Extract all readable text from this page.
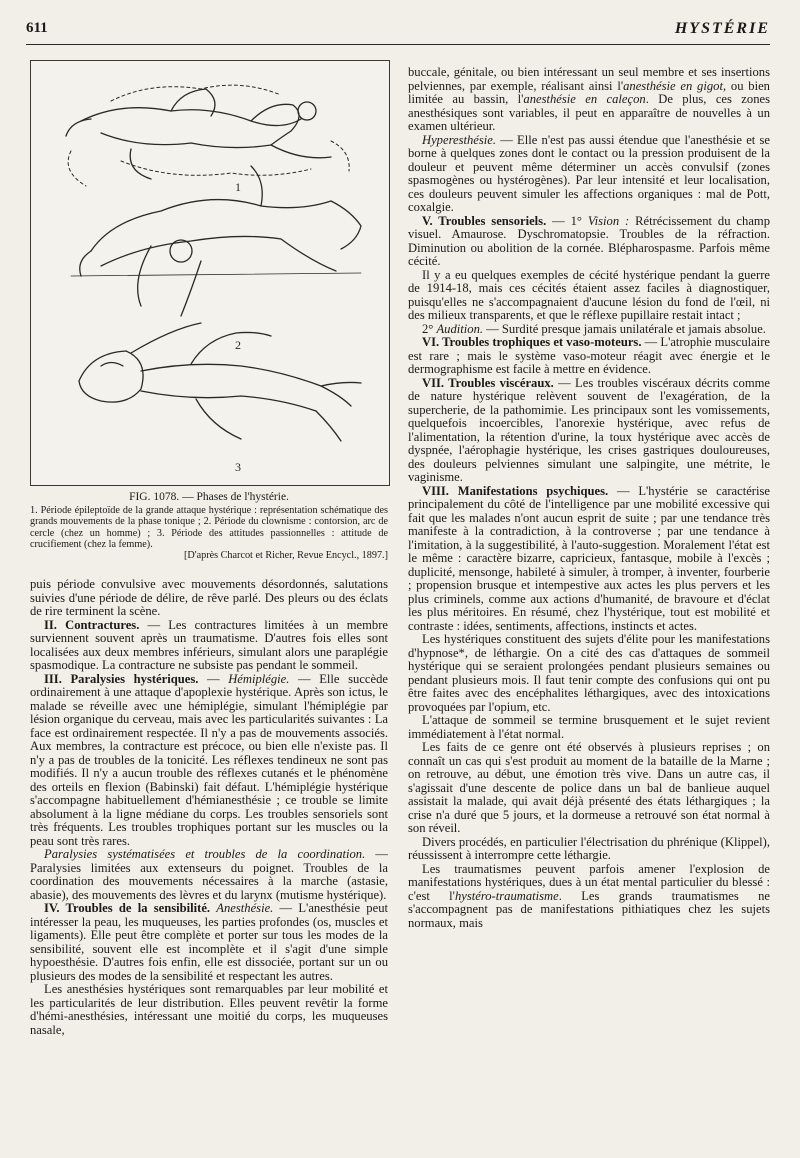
611	HYSTÉRIE
1
2
3
FIG. 1078. — Phases de l'hystérie.
1. Période épileptoïde de la grande attaque hystérique : représentation schématique des grands mouvements de la phase tonique ; 2. Période du clownisme : contorsion, arc de cercle (chez un homme) ; 3. Période des attitudes passionnelles : attitude de crucifiement (chez la femme).
[D'après Charcot et Richer, Revue Encycl., 1897.]

puis période convulsive avec mouvements désordonnés, salutations suivies d'une période de délire, de rêve parlé. Des pleurs ou des éclats de rire terminent la scène.

II. Contractures. — Les contractures limitées à un membre surviennent souvent après un traumatisme. D'autres fois elles sont localisées aux deux membres inférieurs, simulant alors une paraplégie spasmodique. La contracture ne subsiste pas pendant le sommeil.

III. Paralysies hystériques. — Hémiplégie. — Elle succède ordinairement à une attaque d'apoplexie hystérique. Après son ictus, le malade se réveille avec une hémiplégie, simulant l'hémiplégie par lésion organique du cerveau, mais avec les particularités suivantes : La face est ordinairement respectée. Il n'y a pas de mouvements associés. Aux membres, la contracture est précoce, ou bien elle n'existe pas. Il n'y a pas de troubles de la tonicité. Les réflexes tendineux ne sont pas modifiés. Il n'y a aucun trouble des réflexes cutanés et le phénomène des orteils en flexion (Babinski) fait défaut. L'hémiplégie hystérique s'accompagne habituellement d'hémianesthésie ; ce trouble se limite absolument à la ligne médiane du corps. Les troubles sensoriels sont très fréquents. Les troubles trophiques portant sur les muscles ou la peau sont très rares.

Paralysies systématisées et troubles de la coordination. — Paralysies limitées aux extenseurs du poignet. Troubles de la coordination des mouvements nécessaires à la marche (astasie, abasie), des mouvements des lèvres et du larynx (mutisme hystérique).

IV. Troubles de la sensibilité. Anesthésie. — L'anesthésie peut intéresser la peau, les muqueuses, les parties profondes (os, muscles et ligaments). Elle peut être complète et porter sur tous les modes de la sensibilité, souvent elle est incomplète et il s'agit d'une simple hypoesthésie. D'autres fois enfin, elle est dissociée, portant sur un ou plusieurs des modes de la sensibilité et respectant les autres.

Les anesthésies hystériques sont remarquables par leur mobilité et les particularités de leur distribution. Elles peuvent revêtir la forme d'hémi-anesthésies, intéressant une moitié du corps, les muqueuses nasale,

buccale, génitale, ou bien intéressant un seul membre et ses insertions pelviennes, par exemple, réalisant ainsi l'anesthésie en gigot, ou bien limitée au bassin, l'anesthésie en caleçon. De plus, ces zones anesthésiques sont variables, il peut en apparaître de nouvelles à un examen ultérieur.

Hyperesthésie. — Elle n'est pas aussi étendue que l'anesthésie et se borne à quelques zones dont le contact ou la pression produisent de la douleur et peuvent même déterminer un accès convulsif (zones spasmogènes ou hystérogènes). Par leur intensité et leur localisation, ces douleurs peuvent simuler les affections organiques : mal de Pott, coxalgie.

V. Troubles sensoriels. — 1° Vision : Rétrécissement du champ visuel. Amaurose. Dyschromatopsie. Troubles de la réfraction. Diminution ou abolition de la cornée. Blépharospasme. Parfois même cécité.

Il y a eu quelques exemples de cécité hystérique pendant la guerre de 1914-18, mais ces cécités étaient assez faciles à diagnostiquer, puisqu'elles ne s'accompagnaient d'aucune lésion du fond de l'œil, ni des milieux transparents, et que le réflexe pupillaire restait intact ;

2° Audition. — Surdité presque jamais unilatérale et jamais absolue.

VI. Troubles trophiques et vaso-moteurs. — L'atrophie musculaire est rare ; mais le système vaso-moteur réagit avec énergie et le dermographisme est facile à mettre en évidence.

VII. Troubles viscéraux. — Les troubles viscéraux décrits comme de nature hystérique relèvent souvent de l'exagération, de la supercherie, de la pathomimie. Les principaux sont les vomissements, quelquefois incoercibles, l'anorexie hystérique, avec refus de l'alimentation, la rétention d'urine, la toux hystérique avec accès de dyspnée, l'aérophagie hystérique, les crises gastriques douloureuses, des douleurs pelviennes simulant une salpingite, une métrite, le vaginisme.

VIII. Manifestations psychiques. — L'hystérie se caractérise principalement du côté de l'intelligence par une mobilité excessive qui fait que les malades n'ont aucun esprit de suite ; par une tendance très manifeste à la contradiction, à la controverse ; par une tendance à l'imitation, à la suggestibilité, à l'auto-suggestion. Moralement l'état est le même : caractère bizarre, capricieux, fantasque, mobile à l'excès ; duplicité, mensonge, habileté à simuler, à tromper, à inventer, fourberie ; propension brusque et intempestive aux actes les plus pervers et les plus criminels, comme aux actions d'humanité, de bravoure et d'éclat les plus méritoires. En résumé, chez l'hystérique, tout est mobilité et contraste : idées, sentiments, affections, instincts et actes.

Les hystériques constituent des sujets d'élite pour les manifestations d'hypnose*, de léthargie. On a cité des cas d'attaques de sommeil hystérique qui se seraient prolongées pendant plusieurs semaines ou pendant plusieurs mois. Il faut tenir compte des confusions qui ont pu être faites avec des encéphalites léthargiques, avec des intoxications provoquées par l'opium, etc.

L'attaque de sommeil se termine brusquement et le sujet revient immédiatement à l'état normal.

Les faits de ce genre ont été observés à plusieurs reprises ; on connaît un cas qui s'est produit au moment de la bataille de la Marne ; on retrouve, au début, une émotion très vive. Dans un autre cas, il s'agissait d'une descente de police dans un bal de banlieue auquel assistait la malade, qui avait déjà présenté des états léthargiques ; la crise n'a duré que 5 jours, et la dormeuse a retrouvé son état normal à son réveil.

Divers procédés, en particulier l'électrisation du phrénique (Klippel), réussissent à interrompre cette léthargie.

Les traumatismes peuvent parfois amener l'explosion de manifestations hystériques, dues à un état mental particulier du blessé : c'est l'hystéro-traumatisme. Les grands traumatismes ne s'accompagnent pas de manifestations pithiatiques chez les sujets normaux, mais
